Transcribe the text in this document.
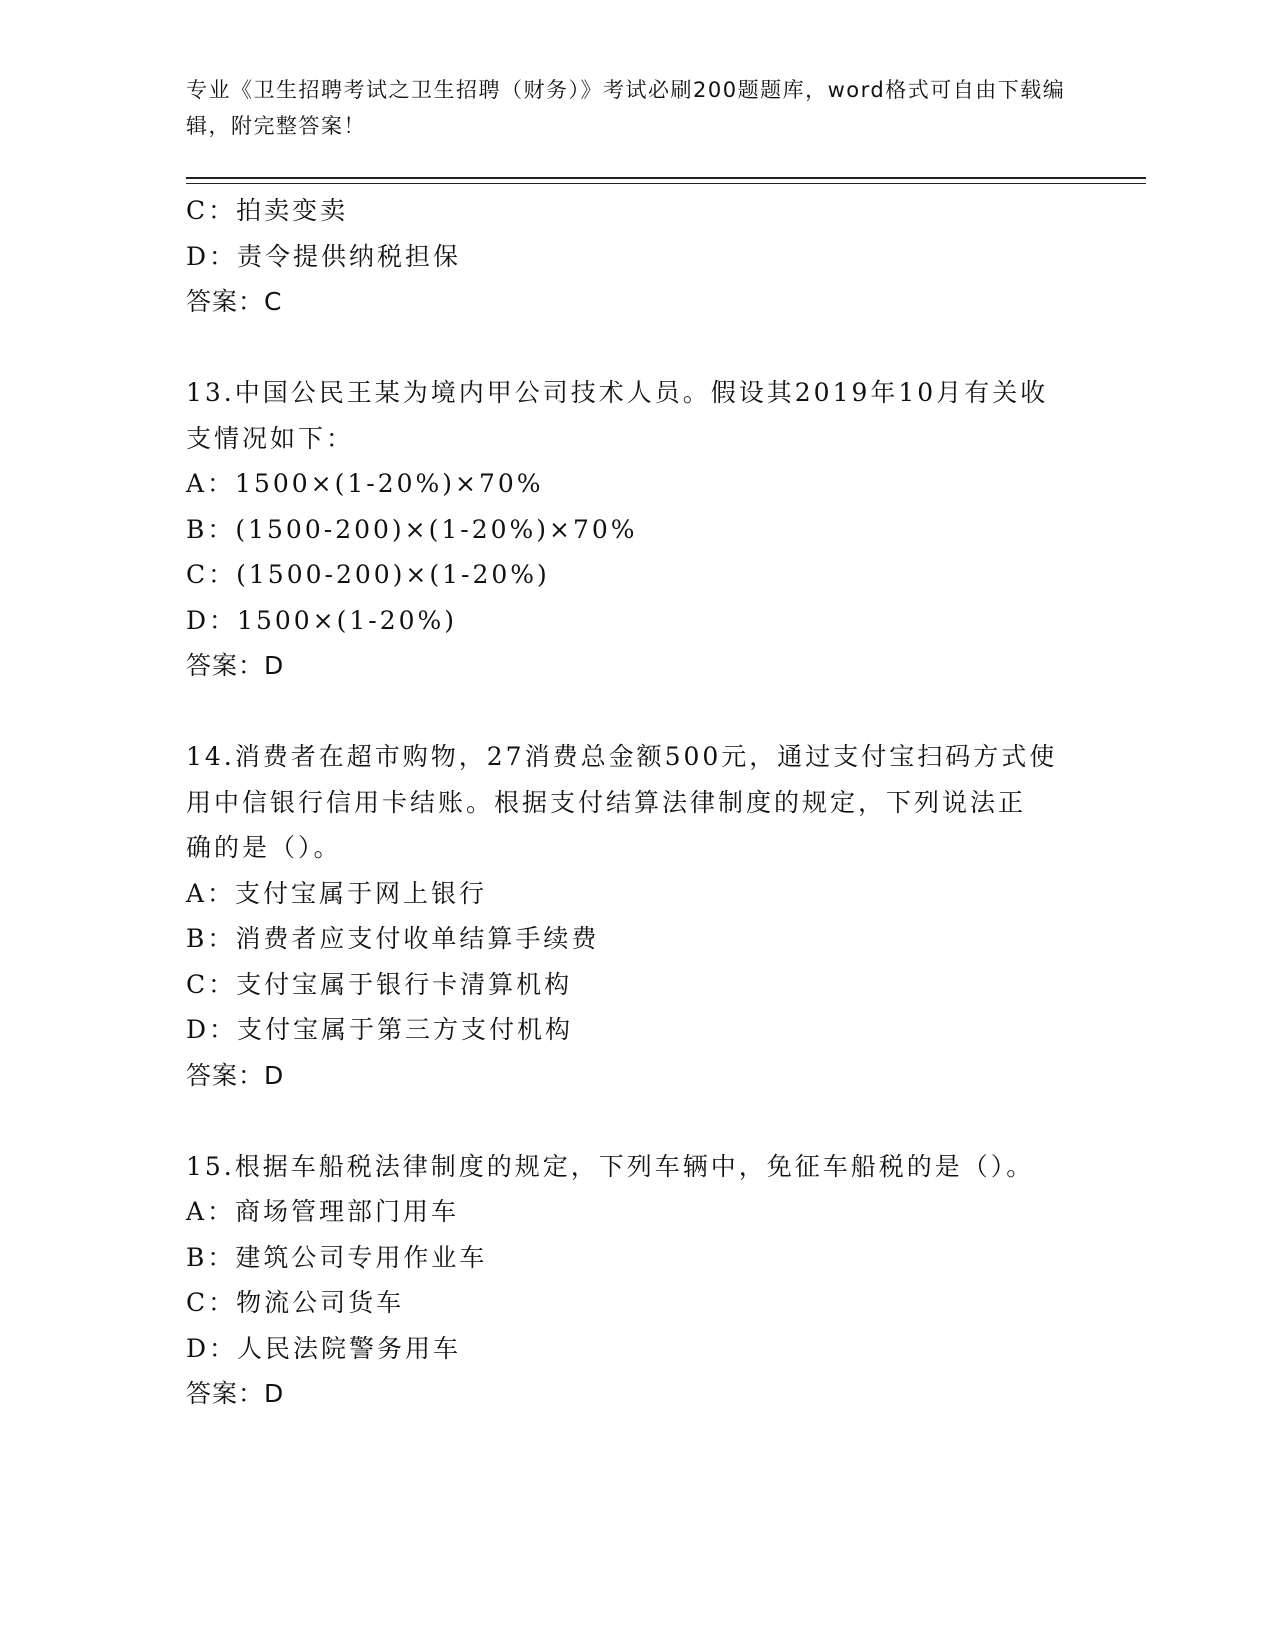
专业《卫生招聘考试之卫生招聘（财务）》考试必刷200题题库，word格式可自由下载编辑，附完整答案！

C：拍卖变卖

D：责令提供纳税担保

答案：C

13.中国公民王某为境内甲公司技术人员。假设其2019年10月有关收

支情况如下：

A：1500×(1-20%)×70%

B：(1500-200)×(1-20%)×70%

C：(1500-200)×(1-20%)

D：1500×(1-20%)

答案：D

14.消费者在超市购物，27消费总金额500元，通过支付宝扫码方式使

用中信银行信用卡结账。根据支付结算法律制度的规定，下列说法正

确的是（）。

A：支付宝属于网上银行

B：消费者应支付收单结算手续费

C：支付宝属于银行卡清算机构

D：支付宝属于第三方支付机构

答案：D

15.根据车船税法律制度的规定，下列车辆中，免征车船税的是（）。

A：商场管理部门用车

B：建筑公司专用作业车

C：物流公司货车

D：人民法院警务用车

答案：D
